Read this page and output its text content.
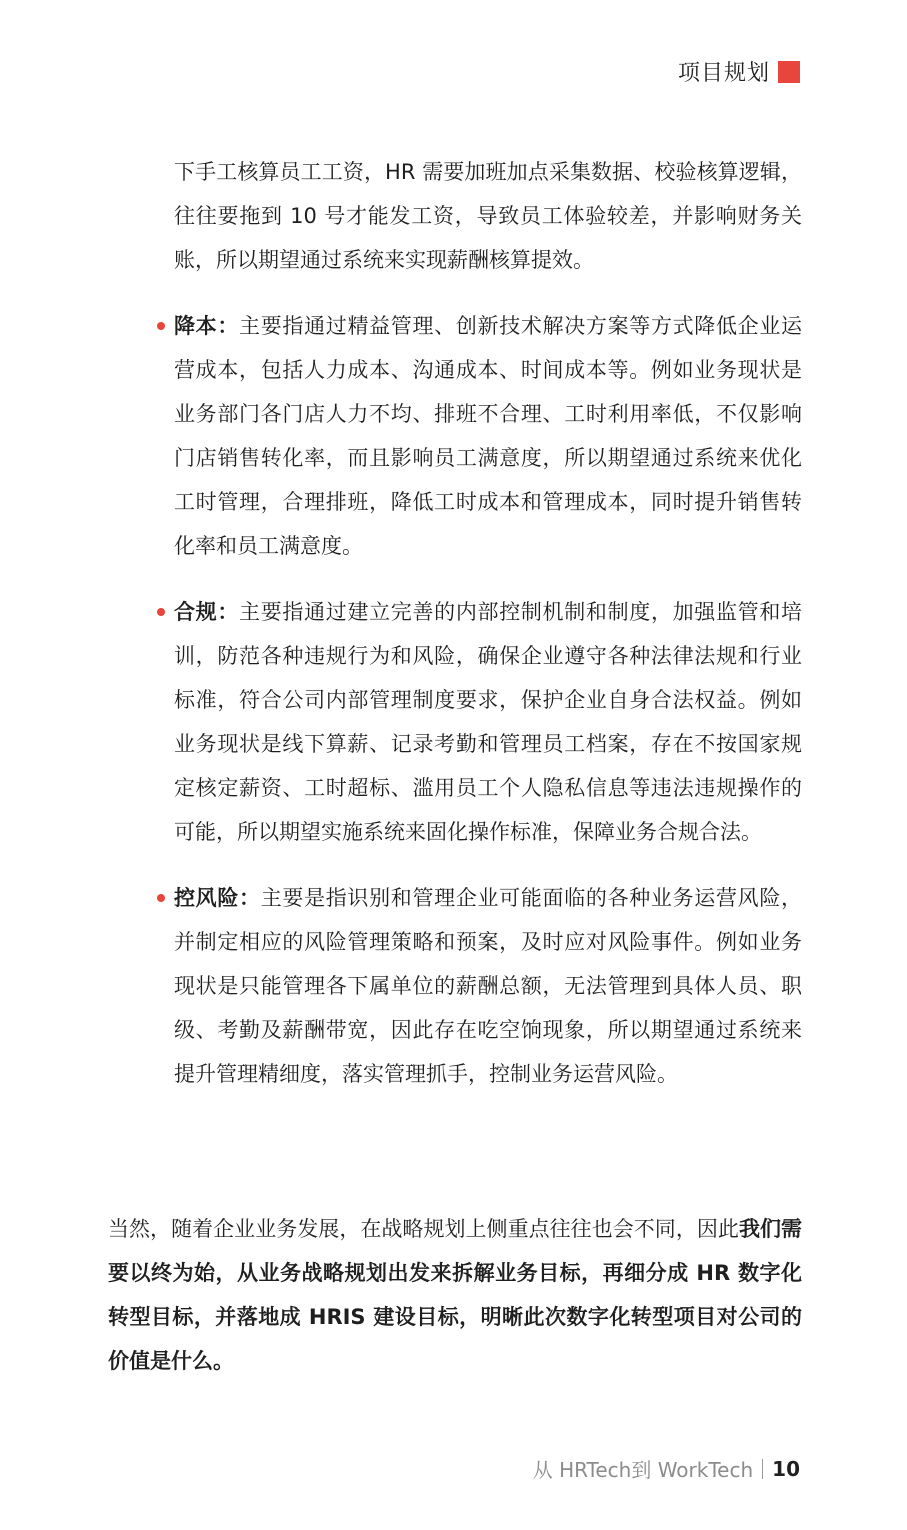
项目规划

下手工核算员工工资，HR 需要加班加点采集数据、校验核算逻辑，往往要拖到 10 号才能发工资，导致员工体验较差，并影响财务关账，所以期望通过系统来实现薪酬核算提效。

降本：主要指通过精益管理、创新技术解决方案等方式降低企业运营成本，包括人力成本、沟通成本、时间成本等。例如业务现状是业务部门各门店人力不均、排班不合理、工时利用率低，不仅影响门店销售转化率，而且影响员工满意度，所以期望通过系统来优化工时管理，合理排班，降低工时成本和管理成本，同时提升销售转化率和员工满意度。
合规：主要指通过建立完善的内部控制机制和制度，加强监管和培训，防范各种违规行为和风险，确保企业遵守各种法律法规和行业标准，符合公司内部管理制度要求，保护企业自身合法权益。例如业务现状是线下算薪、记录考勤和管理员工档案，存在不按国家规定核定薪资、工时超标、滥用员工个人隐私信息等违法违规操作的可能，所以期望实施系统来固化操作标准，保障业务合规合法。
控风险：主要是指识别和管理企业可能面临的各种业务运营风险，并制定相应的风险管理策略和预案，及时应对风险事件。例如业务现状是只能管理各下属单位的薪酬总额，无法管理到具体人员、职级、考勤及薪酬带宽，因此存在吃空饷现象，所以期望通过系统来提升管理精细度，落实管理抓手，控制业务运营风险。

当然，随着企业业务发展，在战略规划上侧重点往往也会不同，因此我们需要以终为始，从业务战略规划出发来拆解业务目标，再细分成 HR 数字化转型目标，并落地成 HRIS 建设目标，明晰此次数字化转型项目对公司的价值是什么。

从 HRTech到 WorkTech 10
